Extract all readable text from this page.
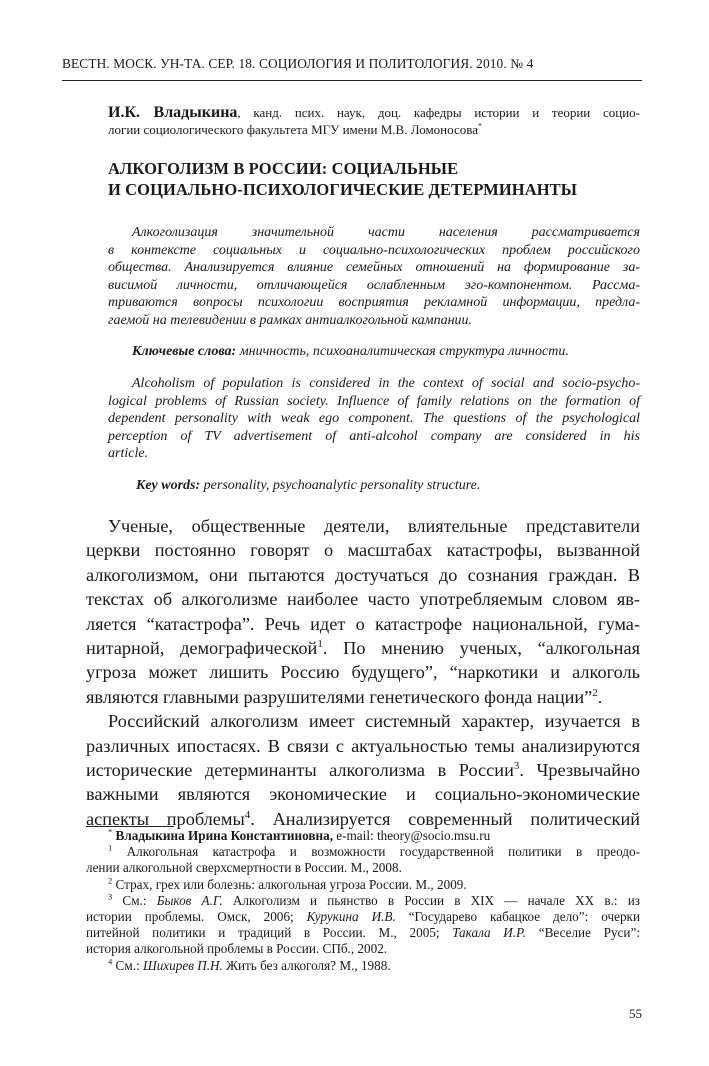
ВЕСТН. МОСК. УН-ТА. СЕР. 18. СОЦИОЛОГИЯ И ПОЛИТОЛОГИЯ. 2010. № 4
И.К. Владыкина, канд. псих. наук, доц. кафедры истории и теории социо-
логии социологического факультета МГУ имени М.В. Ломоносова*
АЛКОГОЛИЗМ В РОССИИ: СОЦИАЛЬНЫЕ
И СОЦИАЛЬНО-ПСИХОЛОГИЧЕСКИЕ ДЕТЕРМИНАНТЫ
Алкоголизация значительной части населения рассматривается
в контексте социальных и социально-психологических проблем российского
общества. Анализируется влияние семейных отношений на формирование за-
висимой личности, отличающейся ослабленным эго-компонентом. Рассма-
триваются вопросы психологии восприятия рекламной информации, предла-
гаемой на телевидении в рамках антиалкогольной кампании.
Ключевые слова: мничность, психоаналитическая структура личности.
Alcoholism of population is considered in the context of social and socio-psycho-
logical problems of Russian society. Influence of family relations on the formation of
dependent personality with weak ego component. The questions of the psychological
perception of TV advertisement of anti-alcohol company are considered in his
article.
Key words: personality, psychoanalytic personality structure.
Ученые, общественные деятели, влиятельные представители
церкви постоянно говорят о масштабах катастрофы, вызванной
алкоголизмом, они пытаются достучаться до сознания граждан. В
текстах об алкоголизме наиболее часто употребляемым словом яв-
ляется “катастрофа”. Речь идет о катастрофе национальной, гума-
нитарной, демографической$^1$. По мнению ученых, “алкогольная
угроза может лишить Россию будущего”, “наркотики и алкоголь
являются главными разрушителями генетического фонда нации”$^2$.
Российский алкоголизм имеет системный характер, изучается в
различных ипостасях. В связи с актуальностью темы анализируются
исторические детерминанты алкоголизма в России$^3$. Чрезвычайно
важными являются экономические и социально-экономические
аспекты проблемы$^4$. Анализируется современный политический
* Владыкина Ирина Константиновна, e-mail: theory@socio.msu.ru
$^1$ Алкогольная катастрофа и возможности государственной политики в преодо-
лении алкогольной сверхсмертности в России. М., 2008.
$^2$ Страх, грех или болезнь: алкогольная угроза России. М., 2009.
$^3$ См.: Быков А.Г. Алкоголизм и пьянство в России в XIX — начале XX в.: из
истории проблемы. Омск, 2006; Курукина И.В. “Государево кабацкое дело”: очерки
питейной политики и традиций в России. М., 2005; Такала И.Р. “Веселие Руси”:
история алкогольной проблемы в России. СПб., 2002.
$^4$ См.: Шихирев П.Н. Жить без алкоголя? М., 1988.
55
